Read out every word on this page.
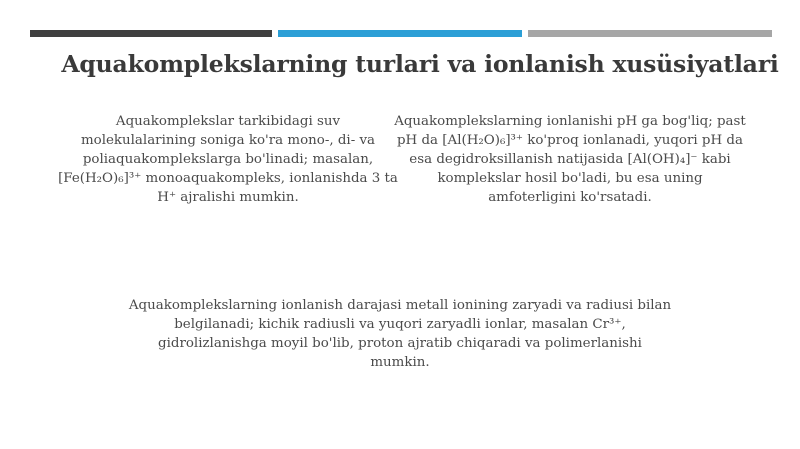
Aquakomplekslarning turlari va ionlanish xusüsiyatlari
Aquakomplekslar tarkibidagi suv molekulalarining soniga ko'ra mono-, di- va poliaquakomplekslarga bo'linadi; masalan, [Fe(H₂O)₆]³⁺ monoaquakompleks, ionlanishda 3 ta H⁺ ajralishi mumkin.
Aquakomplekslarning ionlanishi pH ga bog'liq; past pH da [Al(H₂O)₆]³⁺ ko'proq ionlanadi, yuqori pH da esa degidroksillanish natijasida [Al(OH)₄]⁻ kabi komplekslar hosil bo'ladi, bu esa uning amfoterligini ko'rsatadi.
Aquakomplekslarning ionlanish darajasi metall ionining zaryadi va radiusi bilan belgilanadi; kichik radiusli va yuqori zaryadli ionlar, masalan Cr³⁺, gidrolizlanishga moyil bo'lib, proton ajratib chiqaradi va polimerlanishi mumkin.
